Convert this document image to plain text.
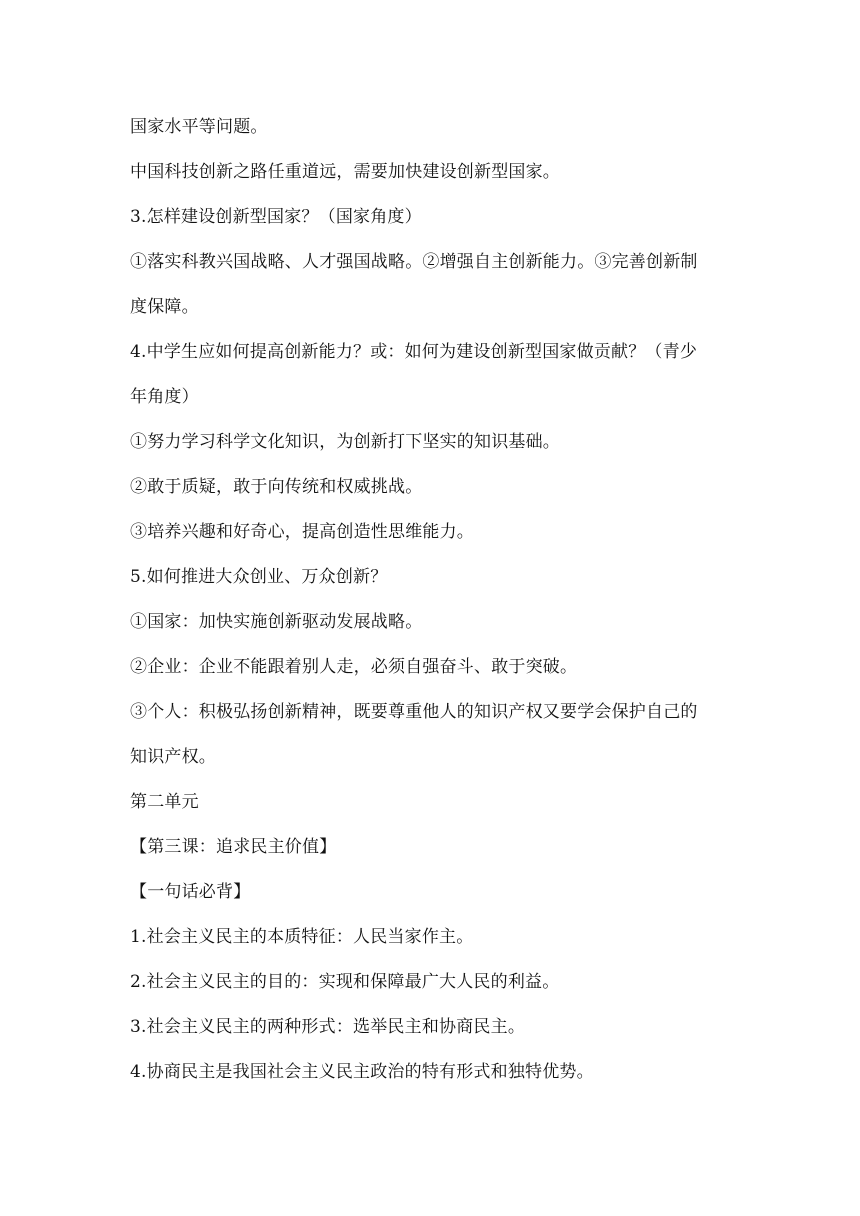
国家水平等问题。
中国科技创新之路任重道远，需要加快建设创新型国家。
3.怎样建设创新型国家？（国家角度）
①落实科教兴国战略、人才强国战略。②增强自主创新能力。③完善创新制
度保障。
4.中学生应如何提高创新能力？或：如何为建设创新型国家做贡献？（青少
年角度）
①努力学习科学文化知识，为创新打下坚实的知识基础。
②敢于质疑，敢于向传统和权威挑战。
③培养兴趣和好奇心，提高创造性思维能力。
5.如何推进大众创业、万众创新？
①国家：加快实施创新驱动发展战略。
②企业：企业不能跟着别人走，必须自强奋斗、敢于突破。
③个人：积极弘扬创新精神，既要尊重他人的知识产权又要学会保护自己的
知识产权。
第二单元
【第三课：追求民主价值】
【一句话必背】
1.社会主义民主的本质特征：人民当家作主。
2.社会主义民主的目的：实现和保障最广大人民的利益。
3.社会主义民主的两种形式：选举民主和协商民主。
4.协商民主是我国社会主义民主政治的特有形式和独特优势。
